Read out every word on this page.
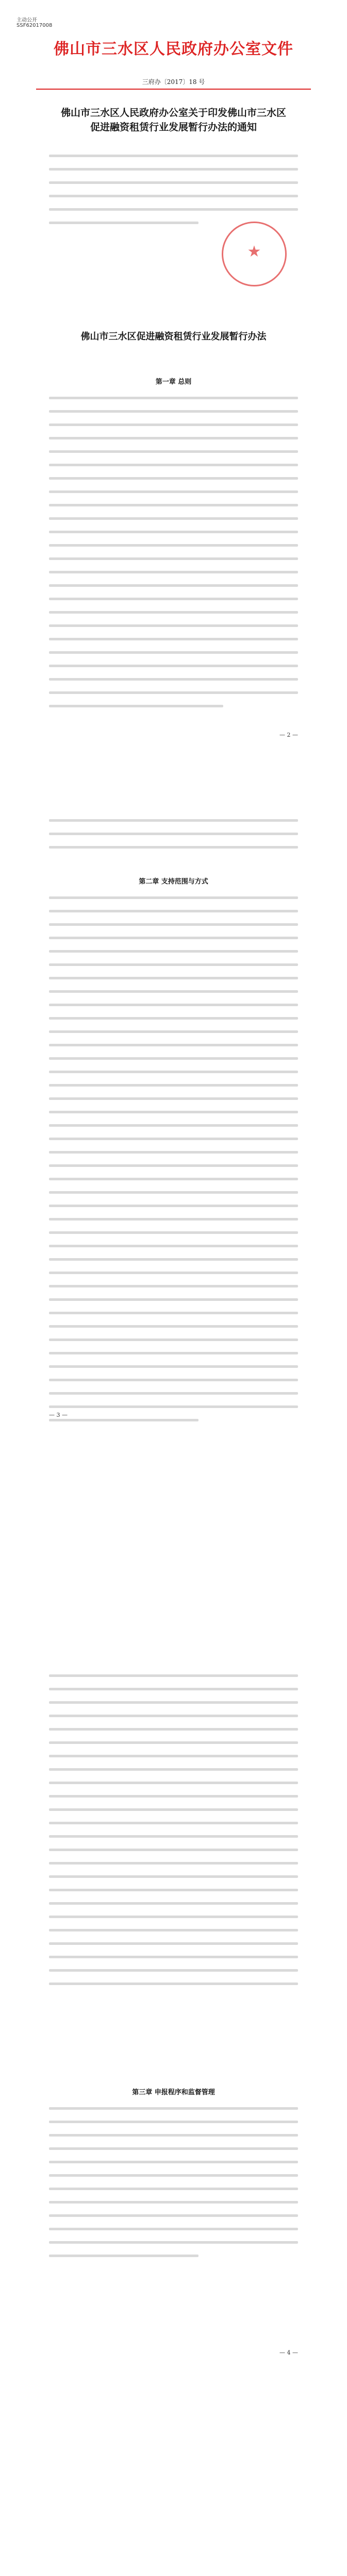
主动公开
SSF62017008
佛山市三水区人民政府办公室文件
三府办〔2017〕18 号
佛山市三水区人民政府办公室关于印发佛山市三水区促进融资租赁行业发展暂行办法的通知
★
佛山市三水区促进融资租赁行业发展暂行办法
第一章 总则
— 2 —
第二章 支持范围与方式
— 3 —
第三章 申报程序和监督管理
— 4 —
